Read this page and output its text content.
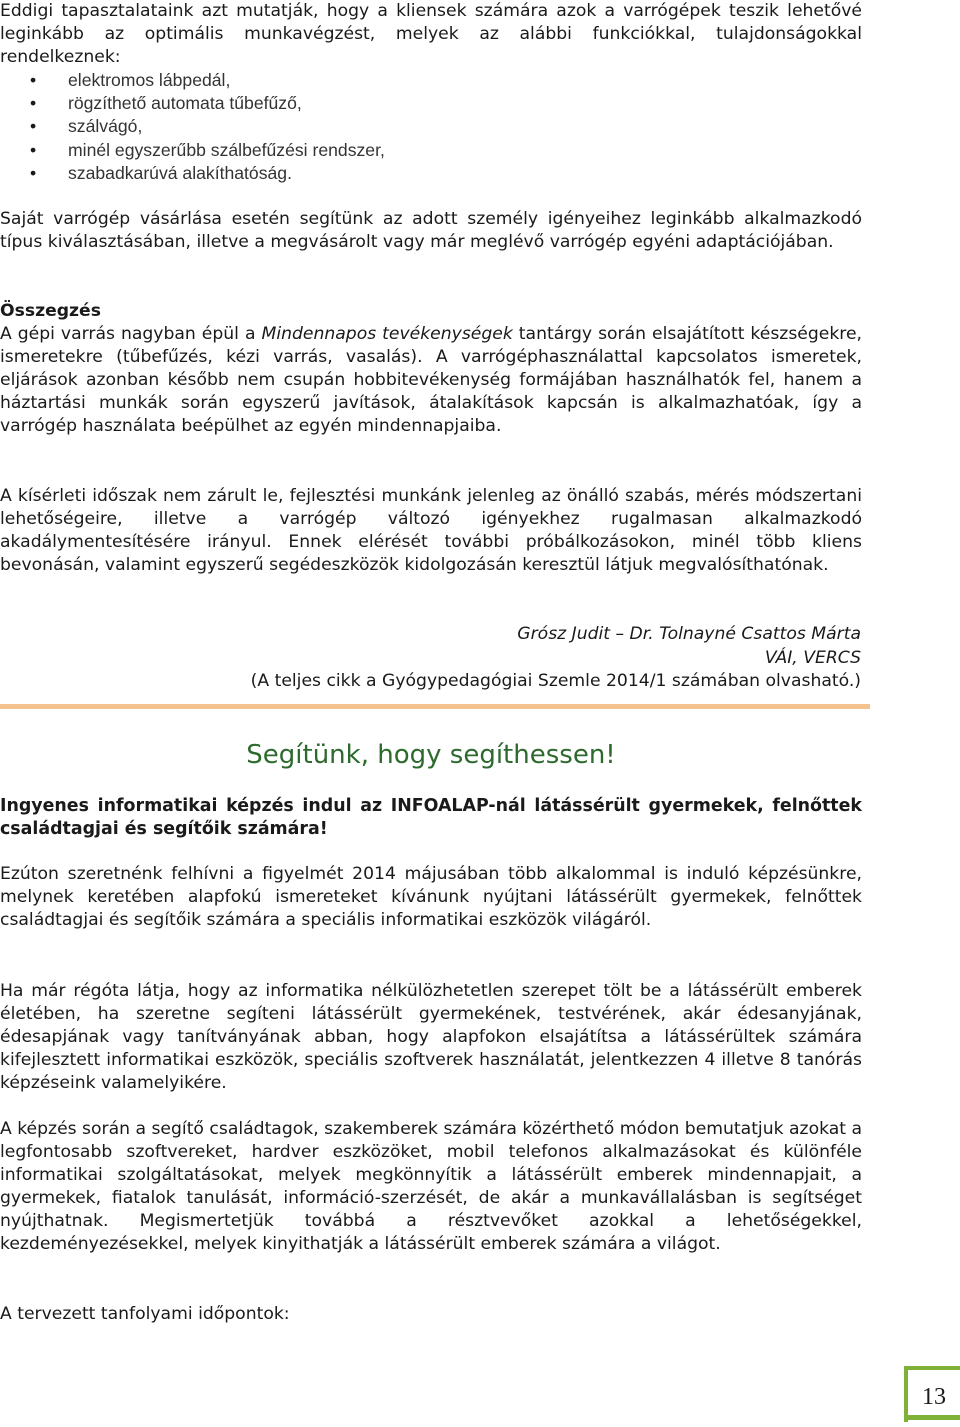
Eddigi tapasztalataink azt mutatják, hogy a kliensek számára azok a varrógépek teszik lehetővé leginkább az optimális munkavégzést, melyek az alábbi funkciókkal, tulajdonságokkal rendelkeznek:

• elektromos lábpedál,
• rögzíthető automata tűbefűző,
• szálvágó,
• minél egyszerűbb szálbefűzési rendszer,
• szabadkarúvá alakíthatóság.

Saját varrógép vásárlása esetén segítünk az adott személy igényeihez leginkább alkalmazkodó típus kiválasztásában, illetve a megvásárolt vagy már meglévő varrógép egyéni adaptációjában.

Összegzés

A gépi varrás nagyban épül a Mindennapos tevékenységek tantárgy során elsajátított készségekre, ismeretekre (tűbefűzés, kézi varrás, vasalás). A varrógéphasználattal kapcsolatos ismeretek, eljárások azonban később nem csupán hobbitevékenység formájában használhatók fel, hanem a háztartási munkák során egyszerű javítások, átalakítások kapcsán is alkalmazhatóak, így a varrógép használata beépülhet az egyén mindennapjaiba.

A kísérleti időszak nem zárult le, fejlesztési munkánk jelenleg az önálló szabás, mérés módszertani lehetőségeire, illetve a varrógép változó igényekhez rugalmasan alkalmazkodó akadálymentesítésére irányul. Ennek elérését további próbálkozásokon, minél több kliens bevonásán, valamint egyszerű segédeszközök kidolgozásán keresztül látjuk megvalósíthatónak.

Grósz Judit – Dr. Tolnayné Csattos Márta

VÁI, VERCS

(A teljes cikk a Gyógypedagógiai Szemle 2014/1 számában olvasható.)

Segítünk, hogy segíthessen!

Ingyenes informatikai képzés indul az INFOALAP-nál látássérült gyermekek, felnőttek családtagjai és segítőik számára!

Ezúton szeretnénk felhívni a figyelmét 2014 májusában több alkalommal is induló képzésünkre, melynek keretében alapfokú ismereteket kívánunk nyújtani látássérült gyermekek, felnőttek családtagjai és segítőik számára a speciális informatikai eszközök világáról.

Ha már régóta látja, hogy az informatika nélkülözhetetlen szerepet tölt be a látássérült emberek életében, ha szeretne segíteni látássérült gyermekének, testvérének, akár édesanyjának, édesapjának vagy tanítványának abban, hogy alapfokon elsajátítsa a látássérültek számára kifejlesztett informatikai eszközök, speciális szoftverek használatát, jelentkezzen 4 illetve 8 tanórás képzéseink valamelyikére.

A képzés során a segítő családtagok, szakemberek számára közérthető módon bemutatjuk azokat a legfontosabb szoftvereket, hardver eszközöket, mobil telefonos alkalmazásokat és különféle informatikai szolgáltatásokat, melyek megkönnyítik a látássérült emberek mindennapjait, a gyermekek, fiatalok tanulását, információ-szerzését, de akár a munkavállalásban is segítséget nyújthatnak. Megismertetjük továbbá a résztvevőket azokkal a lehetőségekkel, kezdeményezésekkel, melyek kinyithatják a látássérült emberek számára a világot.

A tervezett tanfolyami időpontok:

13
